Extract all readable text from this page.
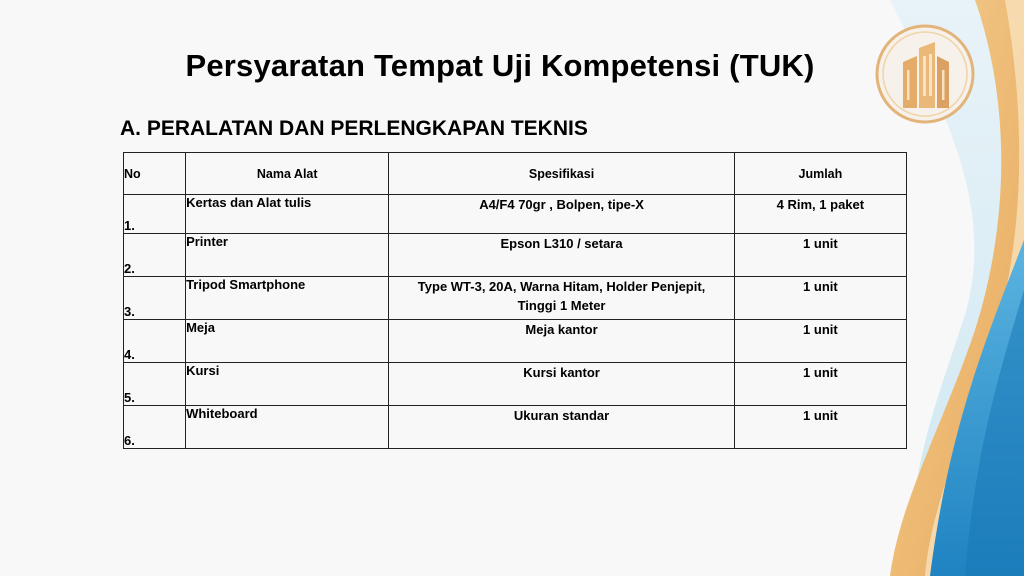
Persyaratan Tempat Uji Kompetensi (TUK)
A. PERALATAN DAN PERLENGKAPAN TEKNIS
No	Nama Alat	Spesifikasi	Jumlah
1.	Kertas dan Alat tulis	A4/F4 70gr , Bolpen, tipe-X	4 Rim, 1 paket
2.	Printer	Epson L310 / setara	1 unit
3.	Tripod Smartphone	Type WT-3, 20A, Warna Hitam, Holder Penjepit, Tinggi 1 Meter	1 unit
4.	Meja	Meja kantor	1 unit
5.	Kursi	Kursi kantor	1 unit
6.	Whiteboard	Ukuran standar	1 unit
